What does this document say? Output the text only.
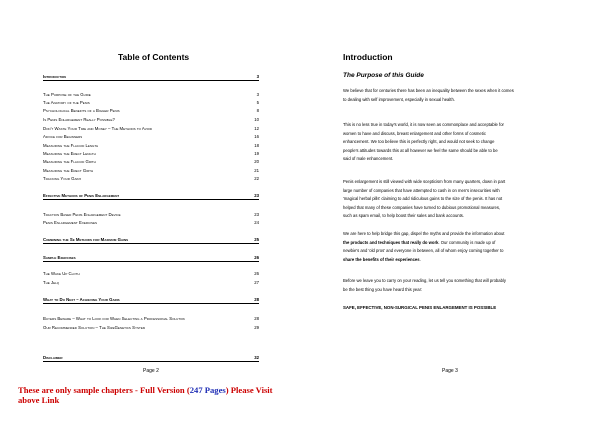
Table of Contents
Introduction	3
The Purpose of the Guide	3
The Anatomy of the Penis	5
Psychological Benefits of a Bigger Penis	8
Is Penis Enlargement Really Possible?	10
Don't Waste Your Time and Money – The Methods to Avoid	12
Advice for Beginners	16
Measuring the Flaccid Length	18
Measuring the Erect Length	19
Measuring the Flaccid Girth	20
Measuring the Erect Girth	21
Tracking Your Gains	22
Effective Methods of Penis Enlargement	23
Traction Based Penis Enlargement Device	23
Penis Enlargement Exercises	24
Combining the Se Methods for Maximum Gains	25
Sample Exercises	26
The Wake Up Cloth	26
The Jelq	27
What to Do Next – Achieving Your Gains	28
Buyers Beware – What to Look for When Selecting a Professional Solution	28
Our Recommended Solution – The SizeGenetics System	29
Disclaimer	32
Page 2
Introduction
The Purpose of this Guide
We believe that for centuries there has been an inequality between the sexes when it comes
to dealing with self improvement, especially in sexual health.
This is no less true in today's world, it is now seen as commonplace and acceptable for
women to have and discuss, breast enlargement and other forms of cosmetic
enhancement. We too believe this is perfectly right, and would not seek to change
people's attitudes towards this at all however we feel the same should be able to be
said of male enhancement.
Penis enlargement is still viewed with wide scepticism from many quarters, down in part
large number of companies that have attempted to cash in on men's insecurities with
'magical herbal pills' claiming to add ridiculous gains to the size of the penis. It has not
helped that many of these companies have turned to dubious promotional measures,
such as spam email, to help boost their sales and bank accounts.
We are here to help bridge this gap, dispel the myths and provide the information about
the products and techniques that really do work. Our community is made up of
newbie's and 'old pros' and everyone in between, all of whom enjoy coming together to
share the benefits of their experiences.
Before we leave you to carry on your reading, let us tell you something that will probably
be the best thing you have heard this year:
SAFE, EFFECTIVE, NON-SURGICAL PENIS ENLARGEMENT IS POSSIBLE
Page 3
These are only sample chapters - Full Version (247 Pages) Please Visit
above Link
